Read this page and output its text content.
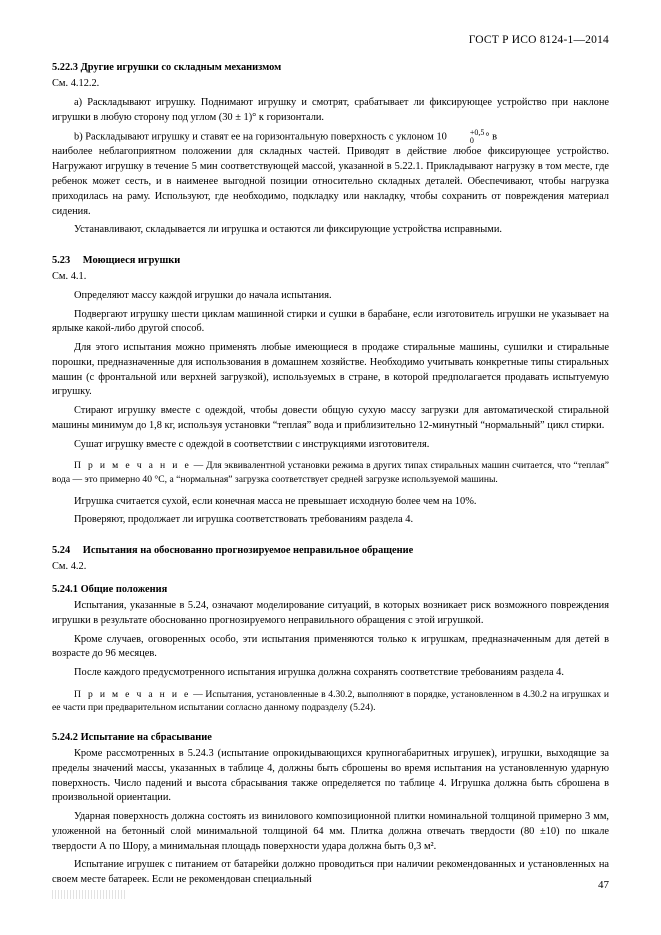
ГОСТ Р ИСО 8124-1—2014
5.22.3 Другие игрушки со складным механизмом

См. 4.12.2.

а) Раскладывают игрушку. Поднимают игрушку и смотрят, срабатывает ли фиксирующее устройство при наклоне игрушки в любую сторону под углом (30 ± 1)° к горизонтали.

b) Раскладывают игрушку и ставят ее на горизонтальную поверхность с уклоном 10	+0,5
0	° в

наиболее неблагоприятном положении для складных частей. Приводят в действие любое фиксирующее устройство. Нагружают игрушку в течение 5 мин соответствующей массой, указанной в 5.22.1. Прикладывают нагрузку в том месте, где ребенок может сесть, и в наименее выгодной позиции относительно складных деталей. Обеспечивают, чтобы нагрузка приходилась на раму. Используют, где необходимо, подкладку или накладку, чтобы сохранить от повреждения материал сидения.

Устанавливают, складывается ли игрушка и остаются ли фиксирующие устройства исправными.

5.23 Моющиеся игрушки

См. 4.1.

Определяют массу каждой игрушки до начала испытания.

Подвергают игрушку шести циклам машинной стирки и сушки в барабане, если изготовитель игрушки не указывает на ярлыке какой-либо другой способ.

Для этого испытания можно применять любые имеющиеся в продаже стиральные машины, сушилки и стиральные порошки, предназначенные для использования в домашнем хозяйстве. Необходимо учитывать конкретные типы стиральных машин (с фронтальной или верхней загрузкой), используемых в стране, в которой предполагается продавать испытуемую игрушку.

Стирают игрушку вместе с одеждой, чтобы довести общую сухую массу загрузки для автоматической стиральной машины минимум до 1,8 кг, используя установки “теплая” вода и приблизительно 12-минутный “нормальный” цикл стирки.

Сушат игрушку вместе с одеждой в соответствии с инструкциями изготовителя.

П р и м е ч а н и е — Для эквивалентной установки режима в других типах стиральных машин считается, что “теплая” вода — это примерно 40 °C, а “нормальная” загрузка соответствует средней загрузке используемой машины.

Игрушка считается сухой, если конечная масса не превышает исходную более чем на 10%.

Проверяют, продолжает ли игрушка соответствовать требованиям раздела 4.

5.24 Испытания на обоснованно прогнозируемое неправильное обращение

См. 4.2.

5.24.1 Общие положения

Испытания, указанные в 5.24, означают моделирование ситуаций, в которых возникает риск возможного повреждения игрушки в результате обоснованно прогнозируемого неправильного обращения с этой игрушкой.

Кроме случаев, оговоренных особо, эти испытания применяются только к игрушкам, предназначенным для детей в возрасте до 96 месяцев.

После каждого предусмотренного испытания игрушка должна сохранять соответствие требованиям раздела 4.

П р и м е ч а н и е — Испытания, установленные в 4.30.2, выполняют в порядке, установленном в 4.30.2 на игрушках и ее части при предварительном испытании согласно данному подразделу (5.24).

5.24.2 Испытание на сбрасывание

Кроме рассмотренных в 5.24.3 (испытание опрокидывающихся крупногабаритных игрушек), игрушки, выходящие за пределы значений массы, указанных в таблице 4, должны быть сброшены во время испытания на установленную ударную поверхность. Число падений и высота сбрасывания также определяется по таблице 4. Игрушка должна быть сброшена в произвольной ориентации.

Ударная поверхность должна состоять из винилового композиционной плитки номинальной толщиной примерно 3 мм, уложенной на бетонный слой минимальной толщиной 64 мм. Плитка должна отвечать твердости (80 ±10) по шкале твердости А по Шору, а минимальная площадь поверхности удара должна быть 0,3 м².

Испытание игрушек с питанием от батарейки должно проводиться при наличии рекомендованных и установленных на своем месте батареек. Если не рекомендован специальный	47
